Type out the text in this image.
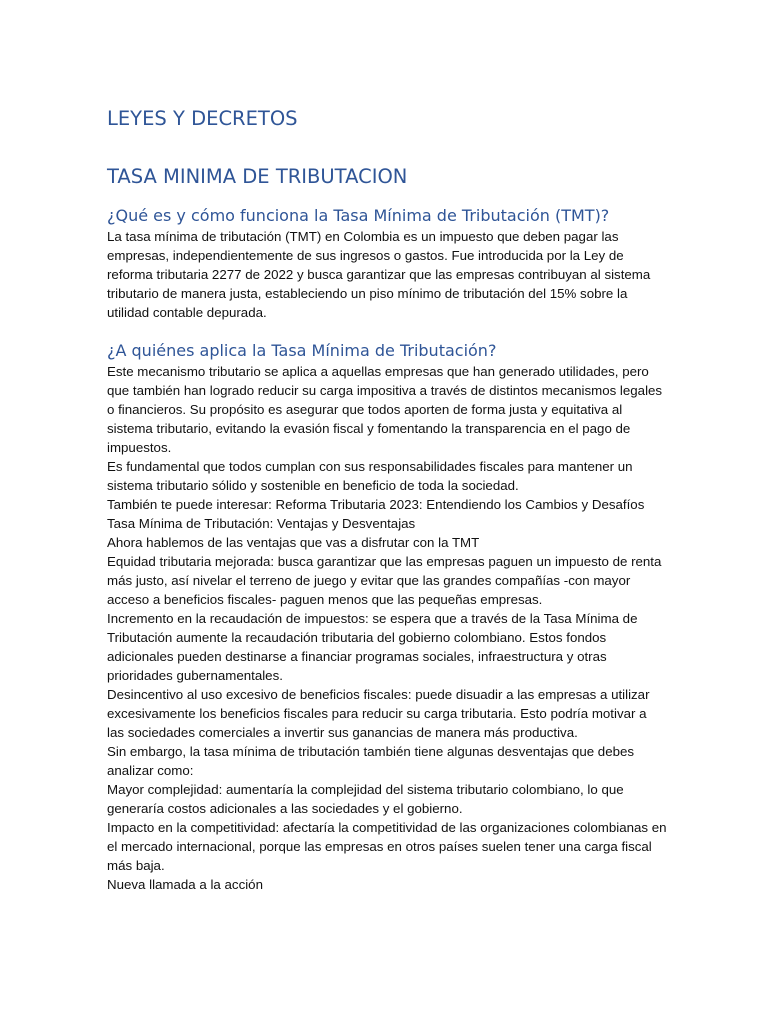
LEYES Y DECRETOS
TASA MINIMA DE TRIBUTACION
¿Qué es y cómo funciona la Tasa Mínima de Tributación (TMT)?

La tasa mínima de tributación (TMT) en Colombia es un impuesto que deben pagar las empresas, independientemente de sus ingresos o gastos. Fue introducida por la Ley de reforma tributaria 2277 de 2022 y busca garantizar que las empresas contribuyan al sistema tributario de manera justa, estableciendo un piso mínimo de tributación del 15% sobre la utilidad contable depurada.

¿A quiénes aplica la Tasa Mínima de Tributación?

Este mecanismo tributario se aplica a aquellas empresas que han generado utilidades, pero que también han logrado reducir su carga impositiva a través de distintos mecanismos legales o financieros. Su propósito es asegurar que todos aporten de forma justa y equitativa al sistema tributario, evitando la evasión fiscal y fomentando la transparencia en el pago de impuestos.

Es fundamental que todos cumplan con sus responsabilidades fiscales para mantener un sistema tributario sólido y sostenible en beneficio de toda la sociedad.

También te puede interesar: Reforma Tributaria 2023: Entendiendo los Cambios y Desafíos

Tasa Mínima de Tributación: Ventajas y Desventajas

Ahora hablemos de las ventajas que vas a disfrutar con la TMT

Equidad tributaria mejorada: busca garantizar que las empresas paguen un impuesto de renta más justo, así nivelar el terreno de juego y evitar que las grandes compañías -con mayor acceso a beneficios fiscales- paguen menos que las pequeñas empresas.

Incremento en la recaudación de impuestos: se espera que a través de la Tasa Mínima de Tributación aumente la recaudación tributaria del gobierno colombiano. Estos fondos adicionales pueden destinarse a financiar programas sociales, infraestructura y otras prioridades gubernamentales.

Desincentivo al uso excesivo de beneficios fiscales: puede disuadir a las empresas a utilizar excesivamente los beneficios fiscales para reducir su carga tributaria. Esto podría motivar a las sociedades comerciales a invertir sus ganancias de manera más productiva.

Sin embargo, la tasa mínima de tributación también tiene algunas desventajas que debes analizar como:

Mayor complejidad: aumentaría la complejidad del sistema tributario colombiano, lo que generaría costos adicionales a las sociedades y el gobierno.

Impacto en la competitividad: afectaría la competitividad de las organizaciones colombianas en el mercado internacional, porque las empresas en otros países suelen tener una carga fiscal más baja.

Nueva llamada a la acción
